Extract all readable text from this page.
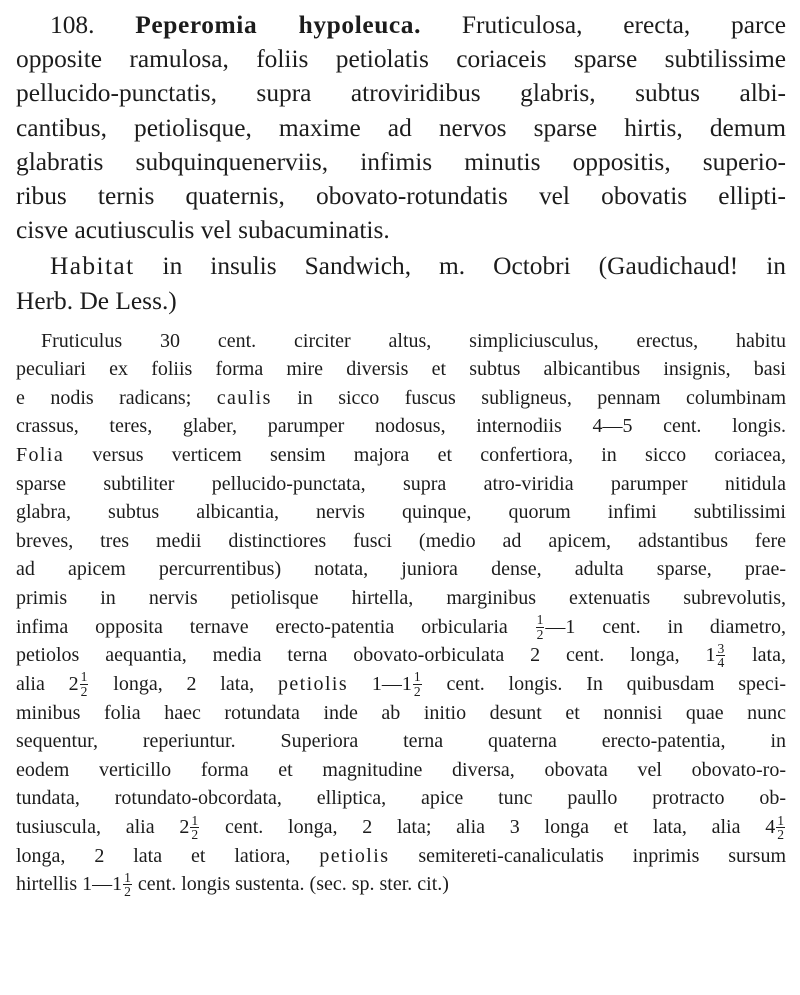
108. Peperomia hypoleuca. Fruticulosa, erecta, parce
opposite ramulosa, foliis petiolatis coriaceis sparse subtilissime
pellucido-punctatis, supra atroviridibus glabris, subtus albi-
cantibus, petiolisque, maxime ad nervos sparse hirtis, demum
glabratis subquinquenerviis, infimis minutis oppositis, superio-
ribus ternis quaternis, obovato-rotundatis vel obovatis ellipti-
cisve acutiusculis vel subacuminatis.

Habitat in insulis Sandwich, m. Octobri (Gaudichaud! in
Herb. De Less.)

Fruticulus 30 cent. circiter altus, simpliciusculus, erectus, habitu
peculiari ex foliis forma mire diversis et subtus albicantibus insignis, basi
e nodis radicans; caulis in sicco fuscus subligneus, pennam columbinam
crassus, teres, glaber, parumper nodosus, internodiis 4—5 cent. longis.
Folia versus verticem sensim majora et confertiora, in sicco coriacea,
sparse subtiliter pellucido-punctata, supra atro-viridia parumper nitidula
glabra, subtus albicantia, nervis quinque, quorum infimi subtilissimi
breves, tres medii distinctiores fusci (medio ad apicem, adstantibus fere
ad apicem percurrentibus) notata, juniora dense, adulta sparse, prae-
primis in nervis petiolisque hirtella, marginibus extenuatis subrevolutis,
infima opposita ternave erecto-patentia orbicularia $\frac{1}{2}$ —1 cent. in diametro,
petiolos aequantia, media terna obovato-orbiculata 2 cent. longa, $1 \frac{3}{4}$ lata,
alia $2 \frac{1}{2}$ longa, 2 lata, petiolis 1—1 $\frac{1}{2}$ cent. longis. In quibusdam speci-
minibus folia haec rotundata inde ab initio desunt et nonnisi quae nunc
sequentur, reperiuntur. Superiora terna quaterna erecto-patentia, in
eodem verticillo forma et magnitudine diversa, obovata vel obovato-ro-
tundata, rotundato-obcordata, elliptica, apice tunc paullo protracto ob-
tusiuscula, alia $2 \frac{1}{2}$ cent. longa, 2 lata; alia 3 longa et lata, alia $4 \frac{1}{2}$
longa, 2 lata et latiora, petiolis semitereti-canaliculatis inprimis sursum
hirtellis 1—1 $\frac{1}{2}$ cent. longis sustenta. (sec. sp. ster. cit.)
